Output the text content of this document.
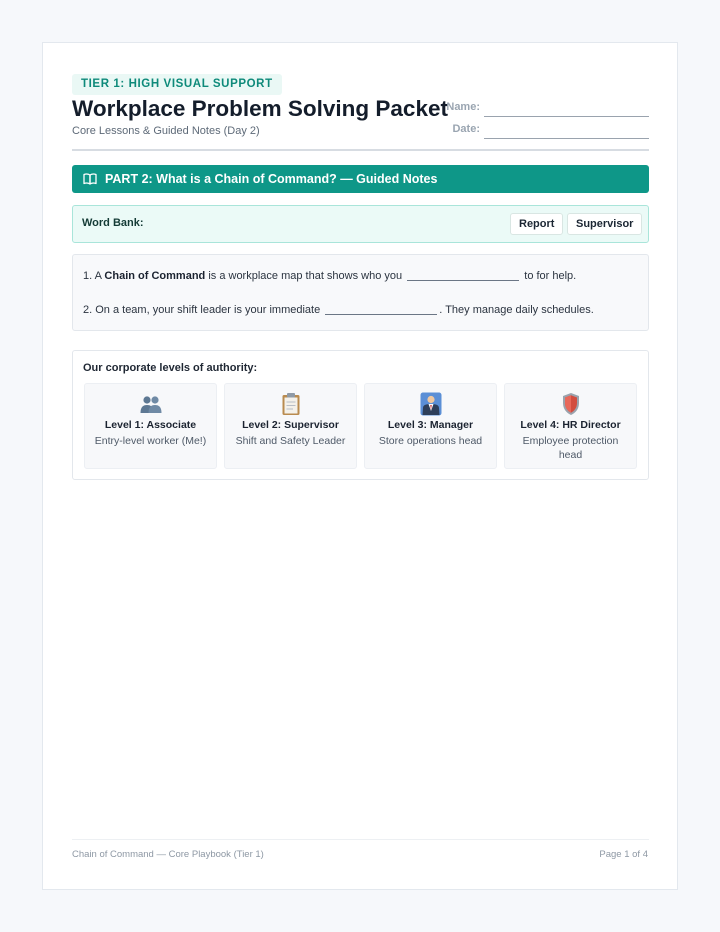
TIER 1: HIGH VISUAL SUPPORT
Workplace Problem Solving Packet
Core Lessons & Guided Notes (Day 2)
Name:
Date:
PART 2: What is a Chain of Command? — Guided Notes
Word Bank:	Report	Supervisor
1. A Chain of Command is a workplace map that shows who you	to for help.
2. On a team, your shift leader is your immediate	. They manage daily schedules.
Our corporate levels of authority:
Level 1: Associate
Entry-level worker (Me!)
Level 2: Supervisor
Shift and Safety Leader
Level 3: Manager
Store operations head
Level 4: HR Director
Employee protection head
Chain of Command — Core Playbook (Tier 1)	Page 1 of 4
